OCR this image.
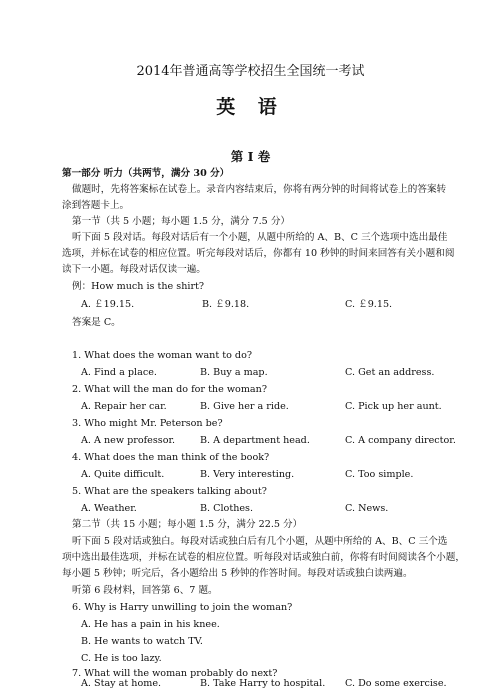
2014年普通高等学校招生全国统一考试
英 语
第 Ⅰ 卷
第一部分 听力（共两节，满分 30 分）
做题时，先将答案标在试卷上。录音内容结束后，你将有两分钟的时间将试卷上的答案转
涂到答题卡上。
第一节（共 5 小题；每小题 1.5 分，满分 7.5 分）
听下面 5 段对话。每段对话后有一个小题，从题中所给的 A、B、C 三个选项中选出最佳
选项，并标在试卷的相应位置。听完每段对话后，你都有 10 秒钟的时间来回答有关小题和阅
读下一小题。每段对话仅读一遍。
例：How much is the shirt?
A. ￡19.15.	B. ￡9.18.	C. ￡9.15.
答案是 C。
1. What does the woman want to do?
A. Find a place.	B. Buy a map.	C. Get an address.
2. What will the man do for the woman?
A. Repair her car.	B. Give her a ride.	C. Pick up her aunt.
3. Who might Mr. Peterson be?
A. A new professor.	B. A department head.	C. A company director.
4. What does the man think of the book?
A. Quite difficult.	B. Very interesting.	C. Too simple.
5. What are the speakers talking about?
A. Weather.	B. Clothes.	C. News.
第二节（共 15 小题；每小题 1.5 分，满分 22.5 分）
听下面 5 段对话或独白。每段对话或独白后有几个小题，从题中所给的 A、B、C 三个选
项中选出最佳选项，并标在试卷的相应位置。听每段对话或独白前，你将有时间阅读各个小题，
每小题 5 秒钟；听完后，各小题给出 5 秒钟的作答时间。每段对话或独白读两遍。
听第 6 段材料，回答第 6、7 题。
6. Why is Harry unwilling to join the woman?
A. He has a pain in his knee.
B. He wants to watch TV.
C. He is too lazy.
7. What will the woman probably do next?
A. Stay at home.	B. Take Harry to hospital. C. Do some exercise.
